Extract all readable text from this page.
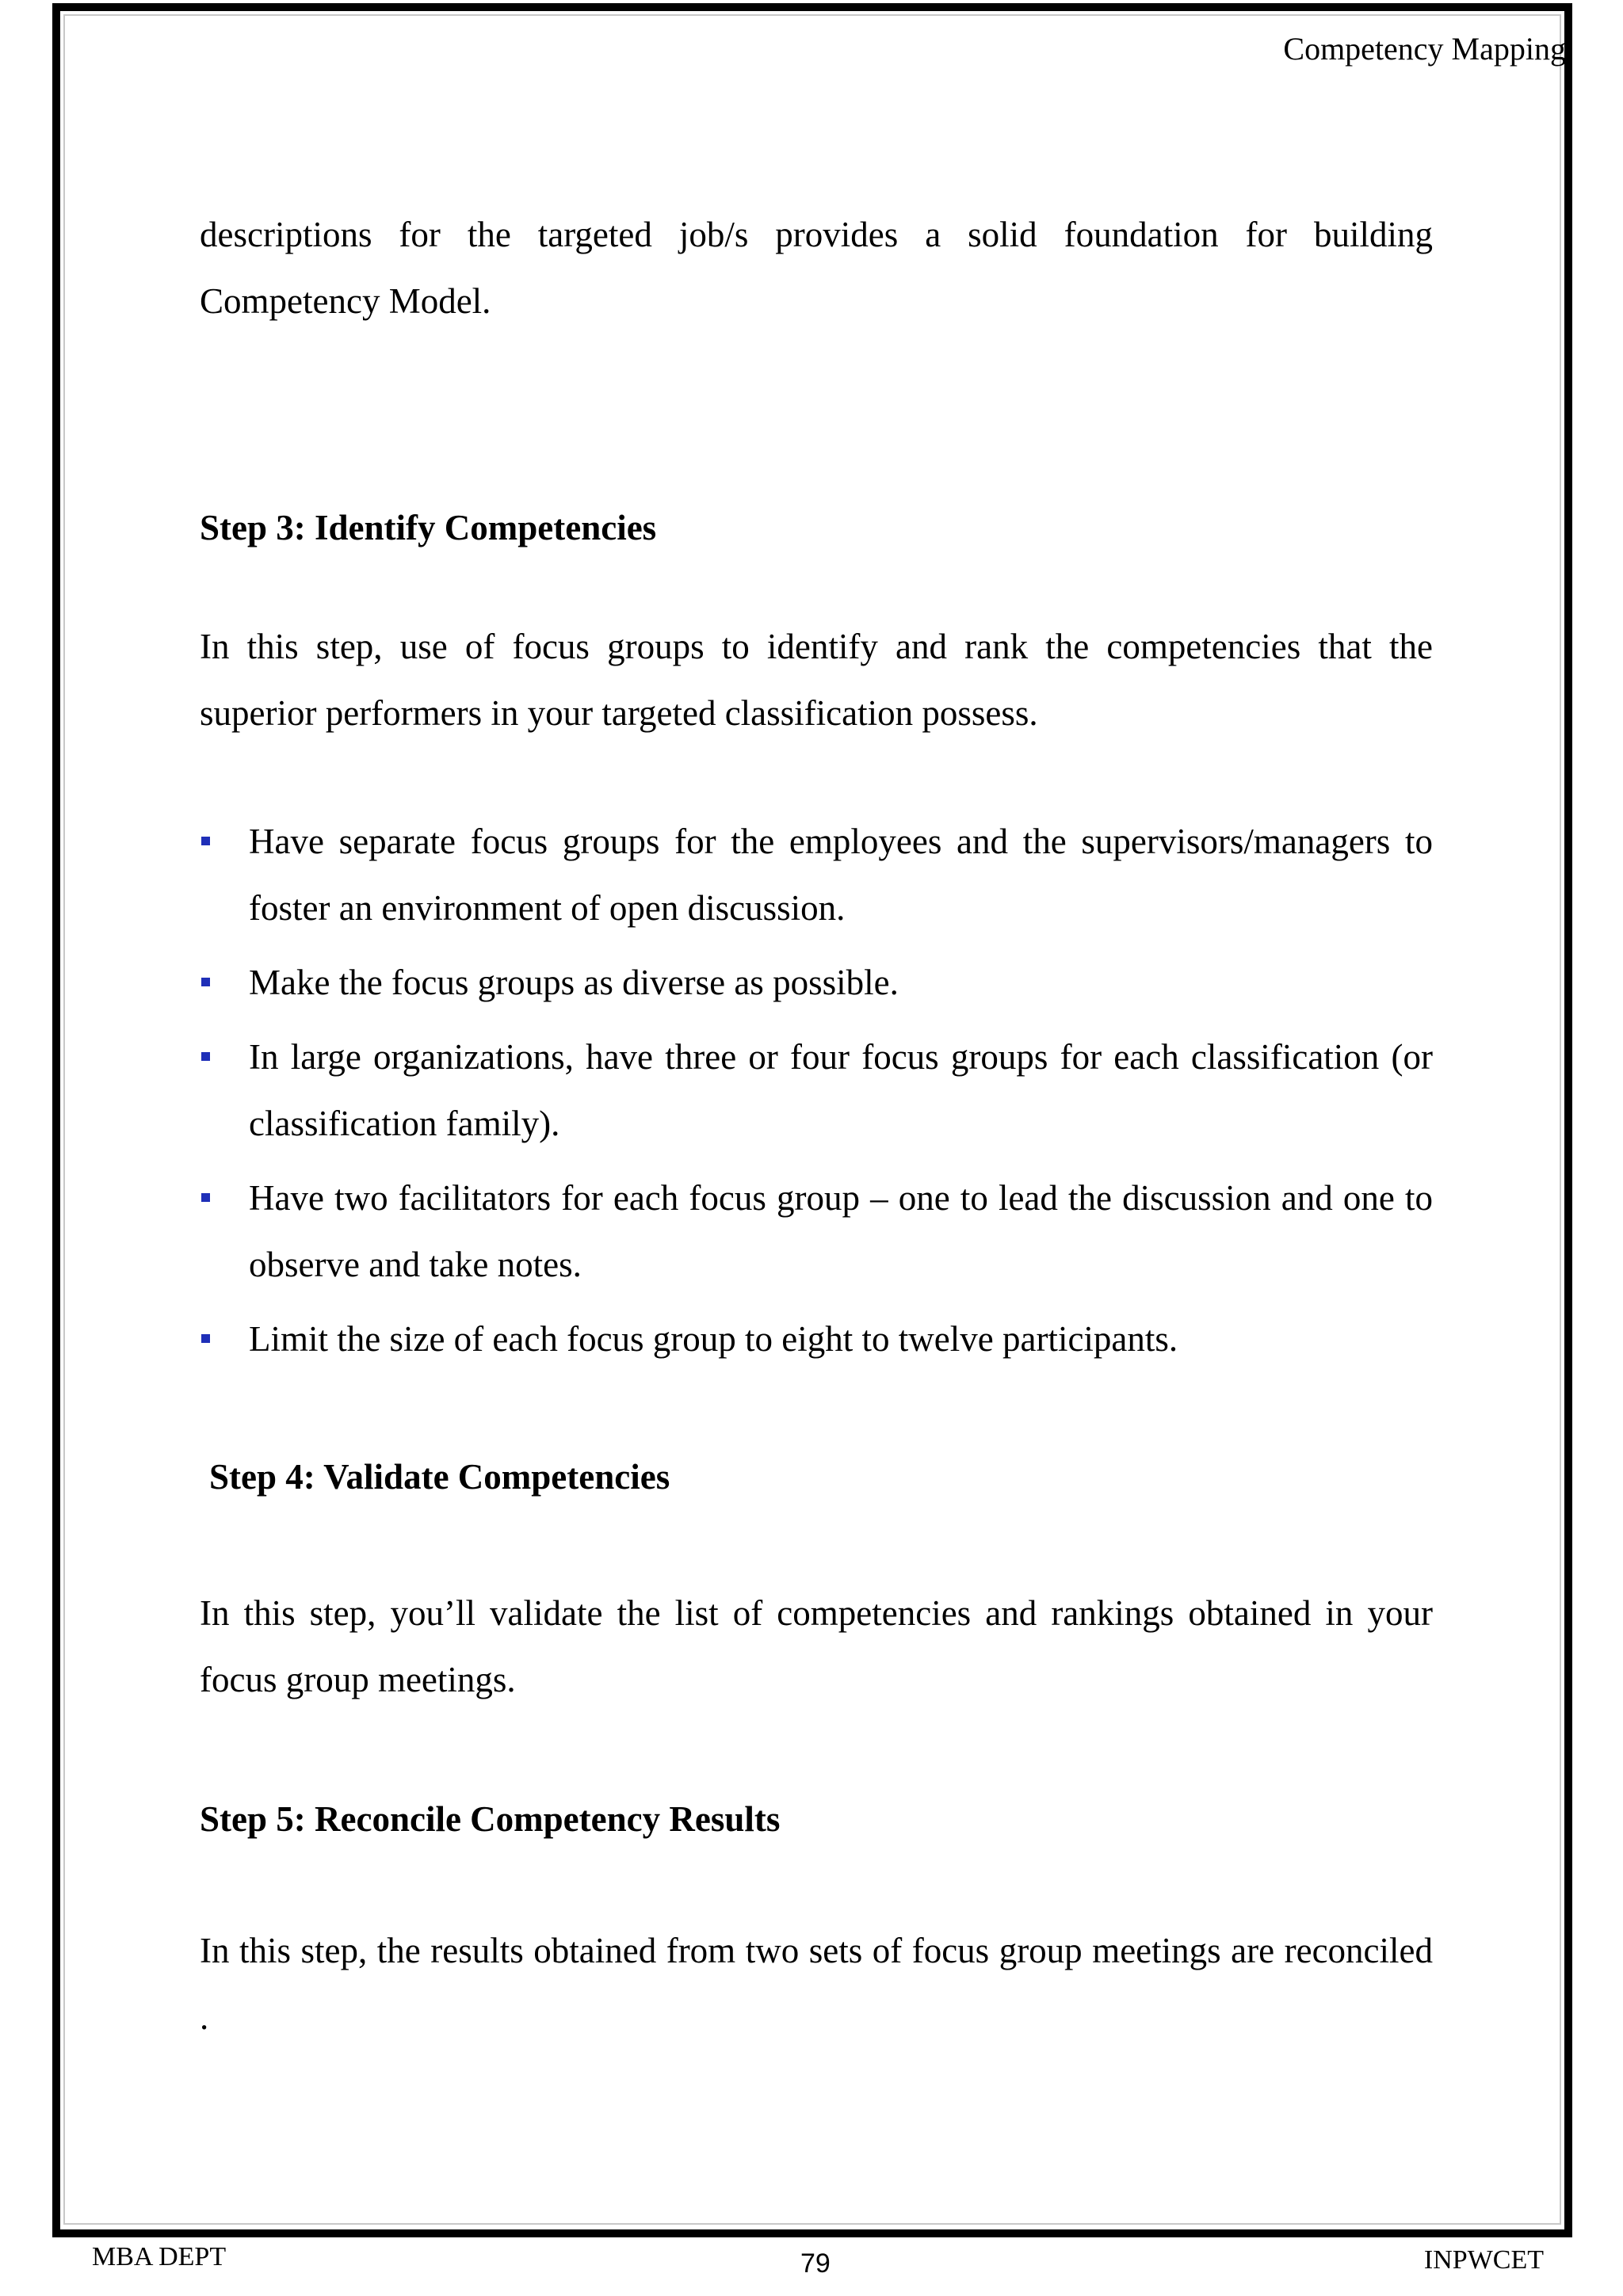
Competency Mapping

descriptions for the targeted job/s provides a solid foundation for building Competency Model.

Step 3: Identify Competencies

In this step, use of focus groups to identify and rank the competencies that the superior performers in your targeted classification possess.

Have separate focus groups for the employees and the supervisors/managers to foster an environment of open discussion.
Make the focus groups as diverse as possible.
In large organizations, have three or four focus groups for each classification (or classification family).
Have two facilitators for each focus group – one to lead the discussion and one to observe and take notes.
Limit the size of each focus group to eight to twelve participants.
Step 4: Validate Competencies

In this step, you’ll validate the list of competencies and rankings obtained in your focus group meetings.

Step 5: Reconcile Competency Results

In this step, the results obtained from two sets of focus group meetings are reconciled .

MBA DEPT	79	INPWCET
